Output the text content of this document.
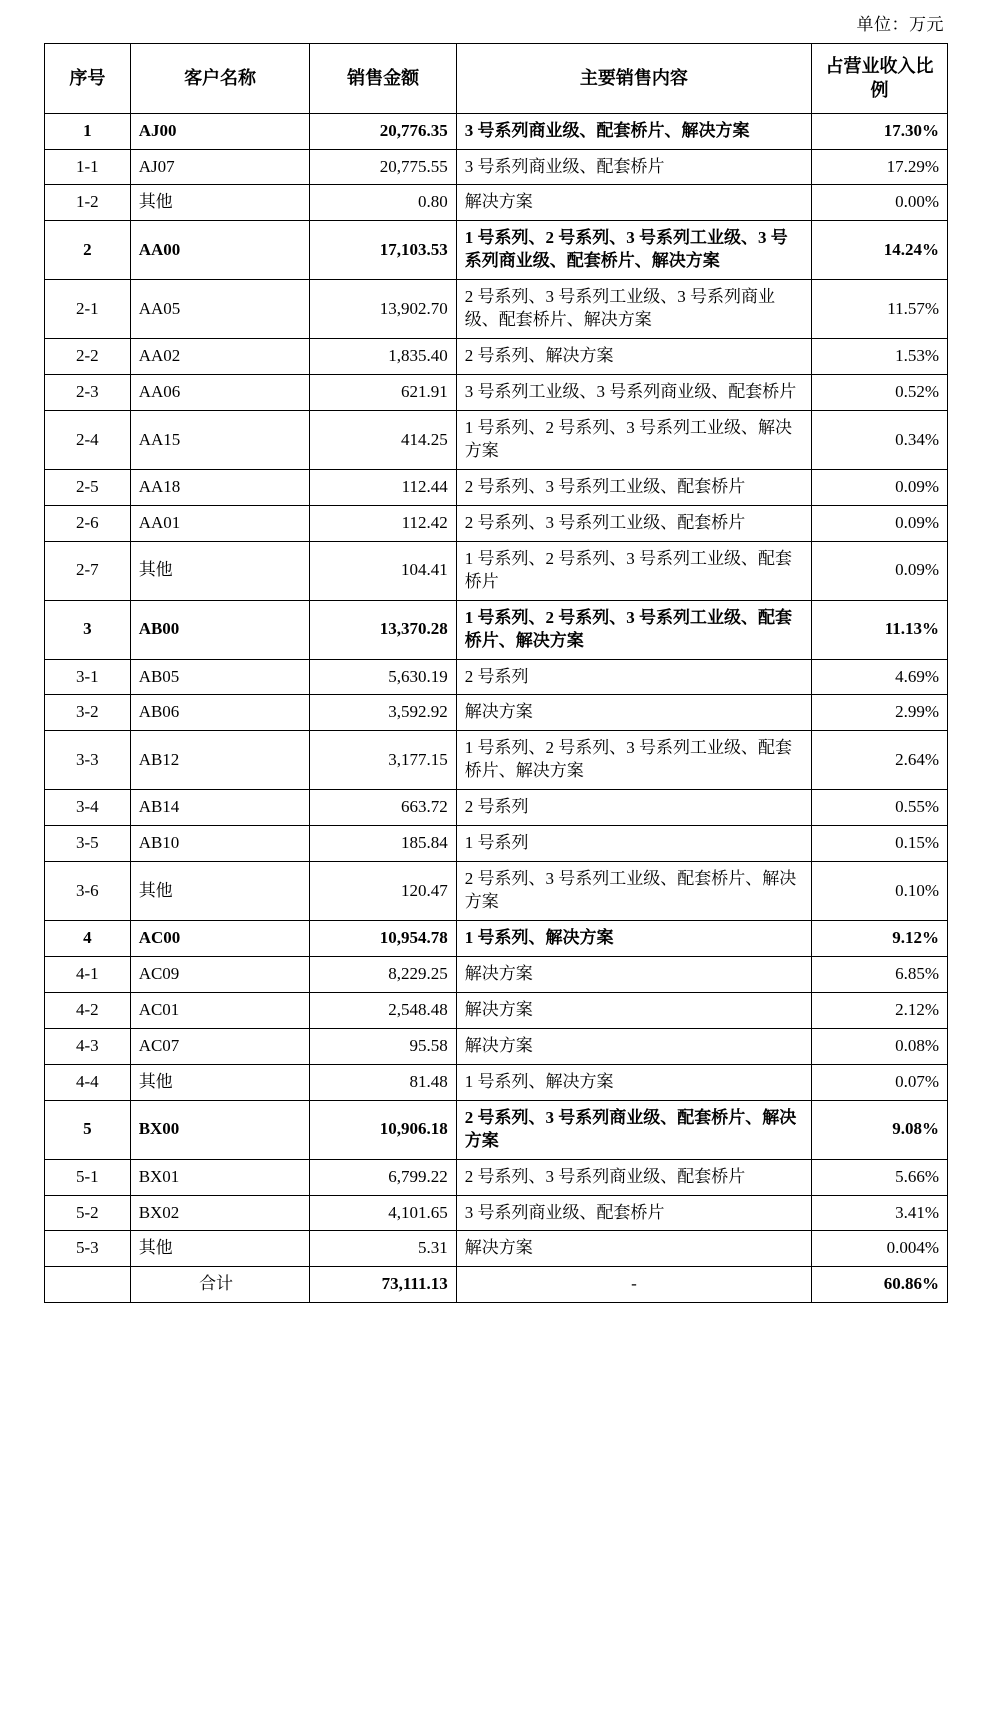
单位：万元
序号	客户名称	销售金额	主要销售内容	占营业收入比例
1	AJ00	20,776.35	3 号系列商业级、配套桥片、解决方案	17.30%
1-1	AJ07	20,775.55	3 号系列商业级、配套桥片	17.29%
1-2	其他	0.80	解决方案	0.00%
2	AA00	17,103.53	1 号系列、2 号系列、3 号系列工业级、3 号系列商业级、配套桥片、解决方案	14.24%
2-1	AA05	13,902.70	2 号系列、3 号系列工业级、3 号系列商业级、配套桥片、解决方案	11.57%
2-2	AA02	1,835.40	2 号系列、解决方案	1.53%
2-3	AA06	621.91	3 号系列工业级、3 号系列商业级、配套桥片	0.52%
2-4	AA15	414.25	1 号系列、2 号系列、3 号系列工业级、解决方案	0.34%
2-5	AA18	112.44	2 号系列、3 号系列工业级、配套桥片	0.09%
2-6	AA01	112.42	2 号系列、3 号系列工业级、配套桥片	0.09%
2-7	其他	104.41	1 号系列、2 号系列、3 号系列工业级、配套桥片	0.09%
3	AB00	13,370.28	1 号系列、2 号系列、3 号系列工业级、配套桥片、解决方案	11.13%
3-1	AB05	5,630.19	2 号系列	4.69%
3-2	AB06	3,592.92	解决方案	2.99%
3-3	AB12	3,177.15	1 号系列、2 号系列、3 号系列工业级、配套桥片、解决方案	2.64%
3-4	AB14	663.72	2 号系列	0.55%
3-5	AB10	185.84	1 号系列	0.15%
3-6	其他	120.47	2 号系列、3 号系列工业级、配套桥片、解决方案	0.10%
4	AC00	10,954.78	1 号系列、解决方案	9.12%
4-1	AC09	8,229.25	解决方案	6.85%
4-2	AC01	2,548.48	解决方案	2.12%
4-3	AC07	95.58	解决方案	0.08%
4-4	其他	81.48	1 号系列、解决方案	0.07%
5	BX00	10,906.18	2 号系列、3 号系列商业级、配套桥片、解决方案	9.08%
5-1	BX01	6,799.22	2 号系列、3 号系列商业级、配套桥片	5.66%
5-2	BX02	4,101.65	3 号系列商业级、配套桥片	3.41%
5-3	其他	5.31	解决方案	0.004%
	合计	73,111.13	-	60.86%
